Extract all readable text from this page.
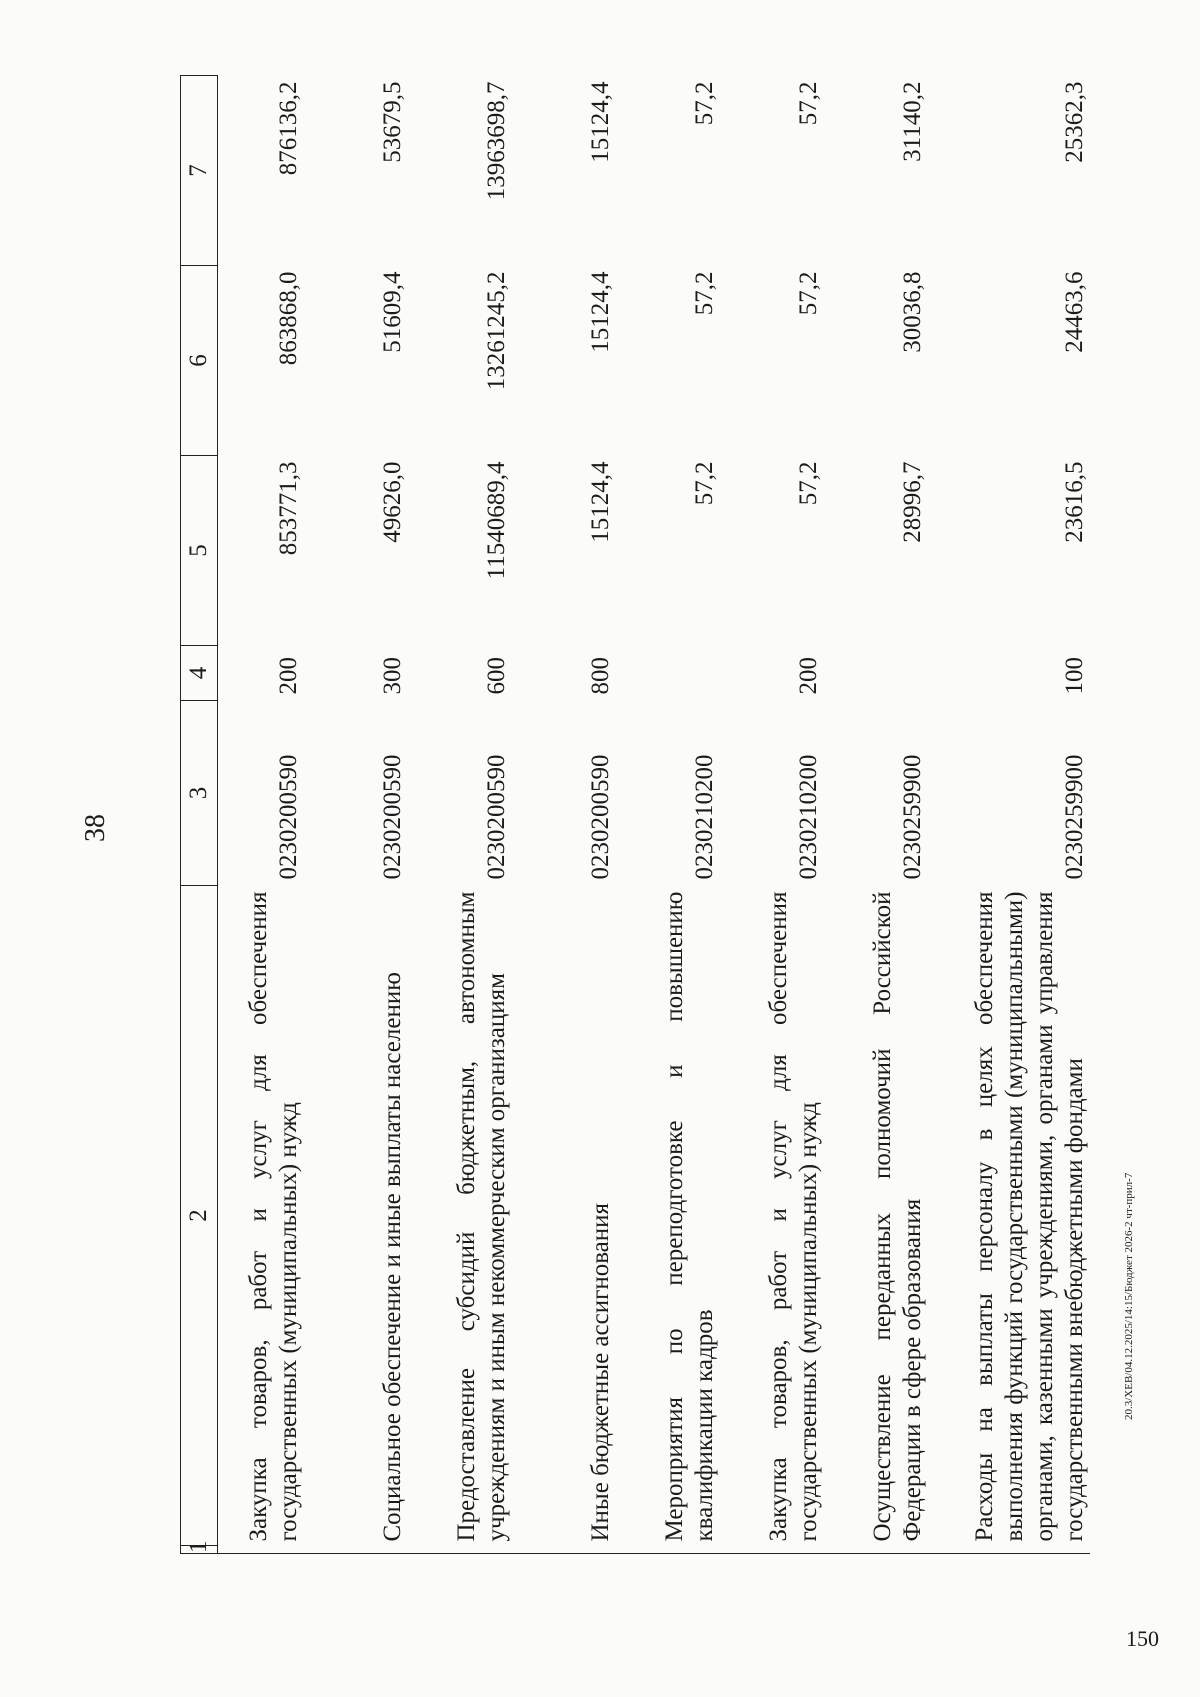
38
1	2	3	4	5	6	7
	Закупка товаров, работ и услуг для обеспечения государственных (муниципальных) нужд	0230200590	200	853771,3	863868,0	876136,2
	Социальное обеспечение и иные выплаты населению	0230200590	300	49626,0	51609,4	53679,5
	Предоставление субсидий бюджетным, автономным учреждениям и иным некоммерческим организациям	0230200590	600	11540689,4	13261245,2	13963698,7
	Иные бюджетные ассигнования	0230200590	800	15124,4	15124,4	15124,4
	Мероприятия по переподготовке и повышению квалификации кадров	0230210200		57,2	57,2	57,2
	Закупка товаров, работ и услуг для обеспечения государственных (муниципальных) нужд	0230210200	200	57,2	57,2	57,2
	Осуществление переданных полномочий Российской Федерации в сфере образования	0230259900		28996,7	30036,8	31140,2
	Расходы на выплаты персоналу в целях обеспечения выполнения функций государственными (муниципальными) органами, казенными учреждениями, органами управления государственными внебюджетными фондами	0230259900	100	23616,5	24463,6	25362,3
20.3/XEB/04.12.2025/14:15/Бюджет 2026-2 чт-прил-7
150
